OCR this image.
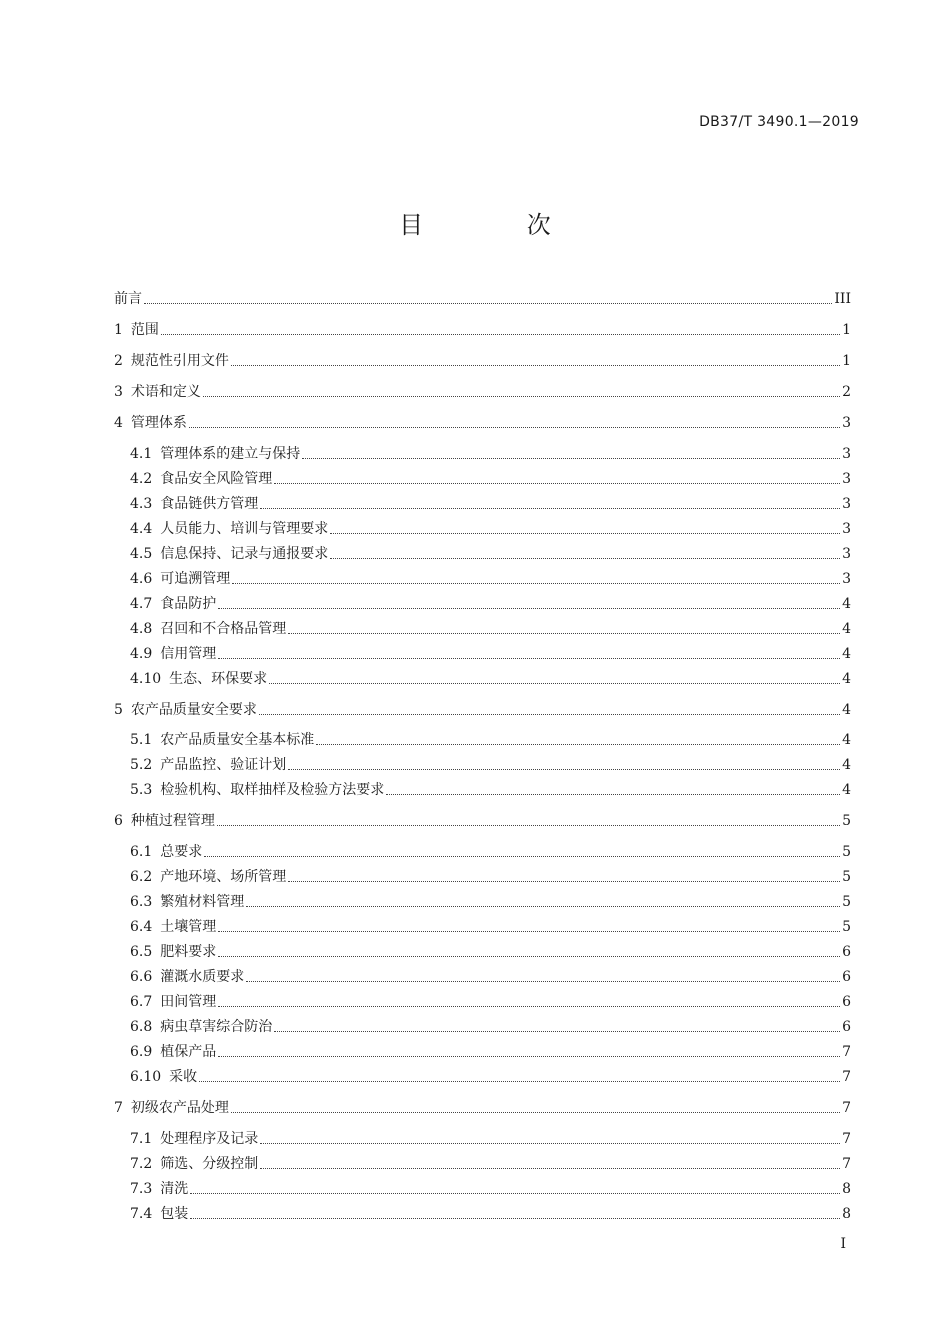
DB37/T 3490.1—2019
目 次
前言	III
1 范围	1
2 规范性引用文件	1
3 术语和定义	2
4 管理体系	3
4.1 管理体系的建立与保持	3
4.2 食品安全风险管理	3
4.3 食品链供方管理	3
4.4 人员能力、培训与管理要求	3
4.5 信息保持、记录与通报要求	3
4.6 可追溯管理	3
4.7 食品防护	4
4.8 召回和不合格品管理	4
4.9 信用管理	4
4.10 生态、环保要求	4
5 农产品质量安全要求	4
5.1 农产品质量安全基本标准	4
5.2 产品监控、验证计划	4
5.3 检验机构、取样抽样及检验方法要求	4
6 种植过程管理	5
6.1 总要求	5
6.2 产地环境、场所管理	5
6.3 繁殖材料管理	5
6.4 土壤管理	5
6.5 肥料要求	6
6.6 灌溉水质要求	6
6.7 田间管理	6
6.8 病虫草害综合防治	6
6.9 植保产品	7
6.10 采收	7
7 初级农产品处理	7
7.1 处理程序及记录	7
7.2 筛选、分级控制	7
7.3 清洗	8
7.4 包装	8
I
